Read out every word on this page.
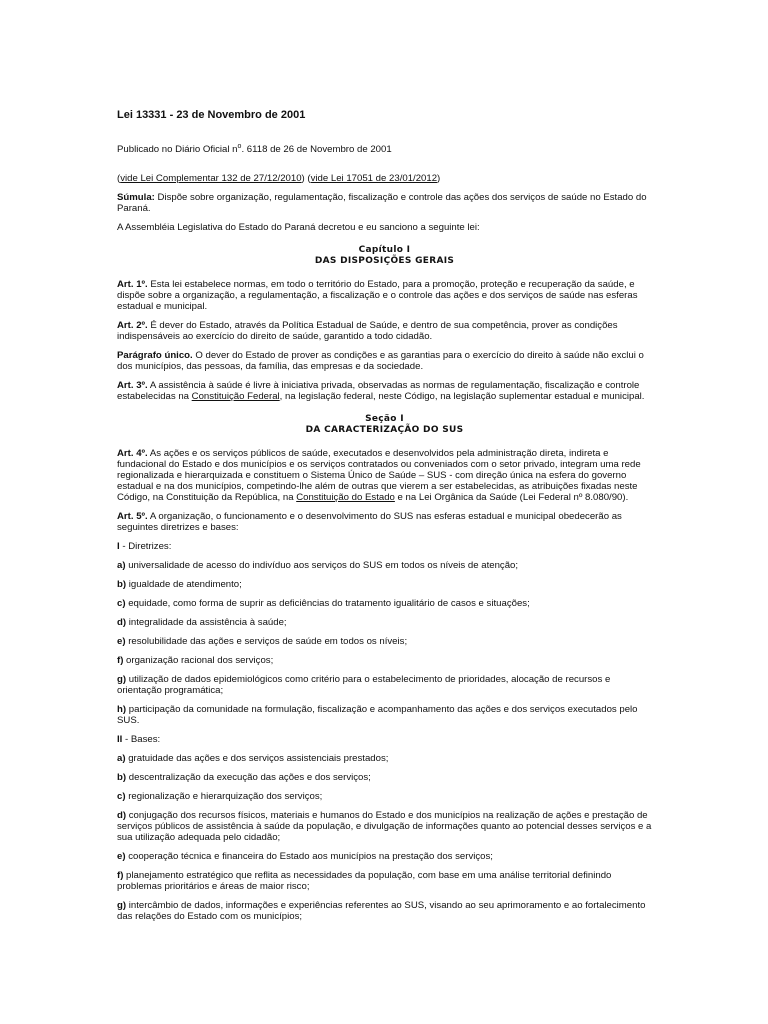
Lei 13331 - 23 de Novembro de 2001
Publicado no Diário Oficial $n^o$. 6118 de 26 de Novembro de 2001

(vide Lei Complementar 132 de 27/12/2010) (vide Lei 17051 de 23/01/2012)

Súmula: Dispõe sobre organização, regulamentação, fiscalização e controle das ações dos serviços de saúde no Estado do Paraná.

A Assembléia Legislativa do Estado do Paraná decretou e eu sanciono a seguinte lei:

Capítulo I
DAS DISPOSIÇÕES GERAIS

Art. 1º. Esta lei estabelece normas, em todo o território do Estado, para a promoção, proteção e recuperação da saúde, e dispõe sobre a organização, a regulamentação, a fiscalização e o controle das ações e dos serviços de saúde nas esferas estadual e municipal.

Art. 2º. É dever do Estado, através da Política Estadual de Saúde, e dentro de sua competência, prover as condições indispensáveis ao exercício do direito de saúde, garantido a todo cidadão.

Parágrafo único. O dever do Estado de prover as condições e as garantias para o exercício do direito à saúde não exclui o dos municípios, das pessoas, da família, das empresas e da sociedade.

Art. 3º. A assistência à saúde é livre à iniciativa privada, observadas as normas de regulamentação, fiscalização e controle estabelecidas na Constituição Federal, na legislação federal, neste Código, na legislação suplementar estadual e municipal.

Seção I
DA CARACTERIZAÇÃO DO SUS

Art. 4º. As ações e os serviços públicos de saúde, executados e desenvolvidos pela administração direta, indireta e fundacional do Estado e dos municípios e os serviços contratados ou conveniados com o setor privado, integram uma rede regionalizada e hierarquizada e constituem o Sistema Único de Saúde – SUS - com direção única na esfera do governo estadual e na dos municípios, competindo-lhe além de outras que vierem a ser estabelecidas, as atribuições fixadas neste Código, na Constituição da República, na Constituição do Estado e na Lei Orgânica da Saúde (Lei Federal nº 8.080/90).

Art. 5º. A organização, o funcionamento e o desenvolvimento do SUS nas esferas estadual e municipal obedecerão as seguintes diretrizes e bases:

I - Diretrizes:

a) universalidade de acesso do indivíduo aos serviços do SUS em todos os níveis de atenção;

b) igualdade de atendimento;

c) equidade, como forma de suprir as deficiências do tratamento igualitário de casos e situações;

d) integralidade da assistência à saúde;

e) resolubilidade das ações e serviços de saúde em todos os níveis;

f) organização racional dos serviços;

g) utilização de dados epidemiológicos como critério para o estabelecimento de prioridades, alocação de recursos e orientação programática;

h) participação da comunidade na formulação, fiscalização e acompanhamento das ações e dos serviços executados pelo SUS.

II - Bases:

a) gratuidade das ações e dos serviços assistenciais prestados;

b) descentralização da execução das ações e dos serviços;

c) regionalização e hierarquização dos serviços;

d) conjugação dos recursos físicos, materiais e humanos do Estado e dos municípios na realização de ações e prestação de serviços públicos de assistência à saúde da população, e divulgação de informações quanto ao potencial desses serviços e a sua utilização adequada pelo cidadão;

e) cooperação técnica e financeira do Estado aos municípios na prestação dos serviços;

f) planejamento estratégico que reflita as necessidades da população, com base em uma análise territorial definindo problemas prioritários e áreas de maior risco;

g) intercâmbio de dados, informações e experiências referentes ao SUS, visando ao seu aprimoramento e ao fortalecimento das relações do Estado com os municípios;
